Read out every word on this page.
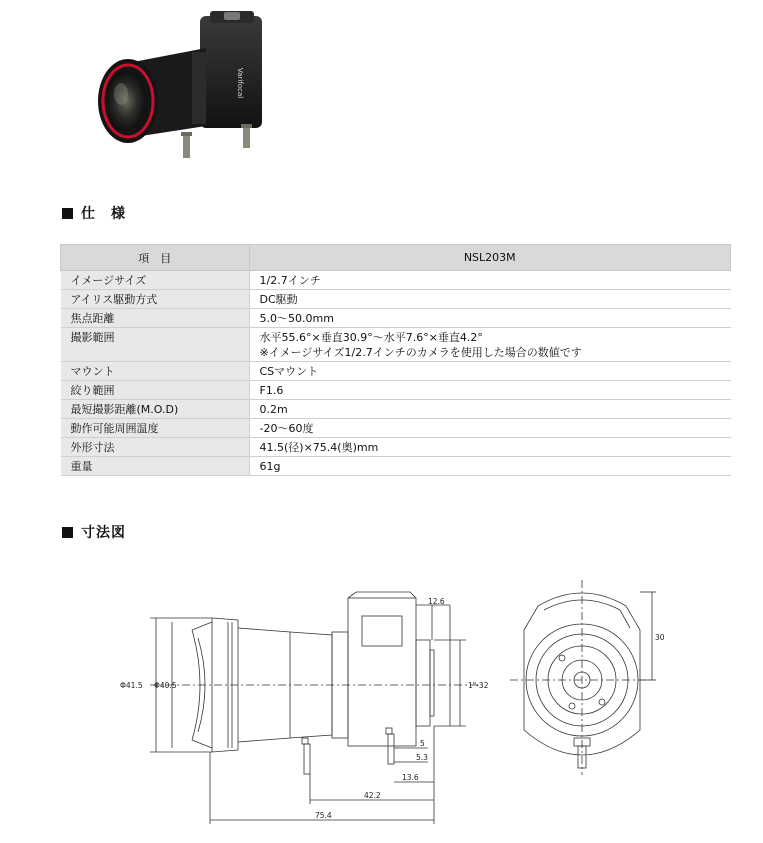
Varifocal
仕　様
項　目	NSL203M
イメージサイズ	1/2.7インチ
アイリス駆動方式	DC駆動
焦点距離	5.0～50.0mm
撮影範囲	水平55.6°×垂直30.9°～水平7.6°×垂直4.2°
※イメージサイズ1/2.7インチのカメラを使用した場合の数値です

マウント	CSマウント
絞り範囲	F1.6
最短撮影距離(M.O.D)	0.2m
動作可能周囲温度	-20～60度
外形寸法	41.5(径)×75.4(奥)mm
重量	61g
寸法図
Φ41.5 Φ40.5
12.6
1"-32
5
5.3
13.6
42.2
75.4
30
